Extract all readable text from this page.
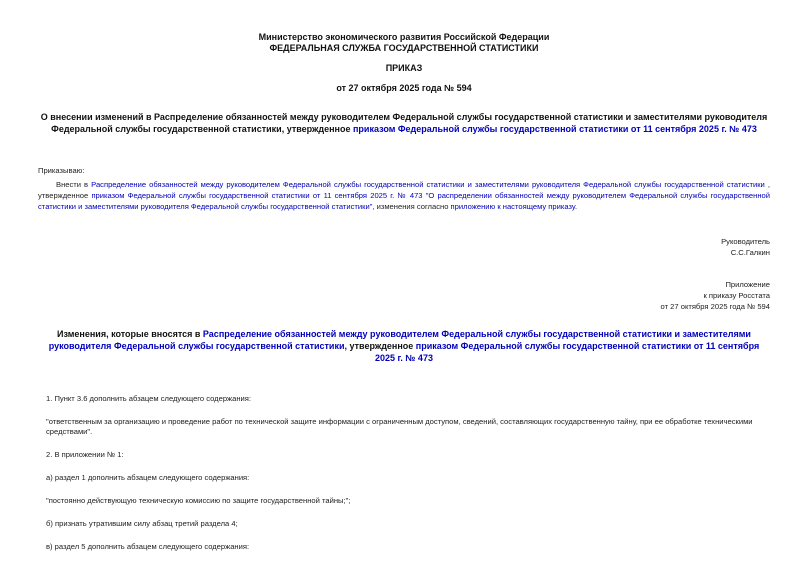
Министерство экономического развития Российской Федерации
ФЕДЕРАЛЬНАЯ СЛУЖБА ГОСУДАРСТВЕННОЙ СТАТИСТИКИ
ПРИКАЗ
от 27 октября 2025 года № 594
О внесении изменений в Распределение обязанностей между руководителем Федеральной службы государственной статистики и заместителями руководителя Федеральной службы государственной статистики, утвержденное приказом Федеральной службы государственной статистики от 11 сентября 2025 г. № 473

Приказываю:

Внести в Распределение обязанностей между руководителем Федеральной службы государственной статистики и заместителями руководителя Федеральной службы государственной статистики , утвержденное приказом Федеральной службы государственной статистики от 11 сентября 2025 г. № 473 "О распределении обязанностей между руководителем Федеральной службы государственной статистики и заместителями руководителя Федеральной службы государственной статистики", изменения согласно приложению к настоящему приказу.

Руководитель
С.С.Галкин
Приложение
к приказу Росстата
от 27 октября 2025 года № 594
Изменения, которые вносятся в Распределение обязанностей между руководителем Федеральной службы государственной статистики и заместителями руководителя Федеральной службы государственной статистики, утвержденное приказом Федеральной службы государственной статистики от 11 сентября 2025 г. № 473

1. Пункт 3.6 дополнить абзацем следующего содержания:

"ответственным за организацию и проведение работ по технической защите информации с ограниченным доступом, сведений, составляющих государственную тайну, при ее обработке техническими средствами".

2. В приложении № 1:

а) раздел 1 дополнить абзацем следующего содержания:

"постоянно действующую техническую комиссию по защите государственной тайны;";

б) признать утратившим силу абзац третий раздела 4;

в) раздел 5 дополнить абзацем следующего содержания:
